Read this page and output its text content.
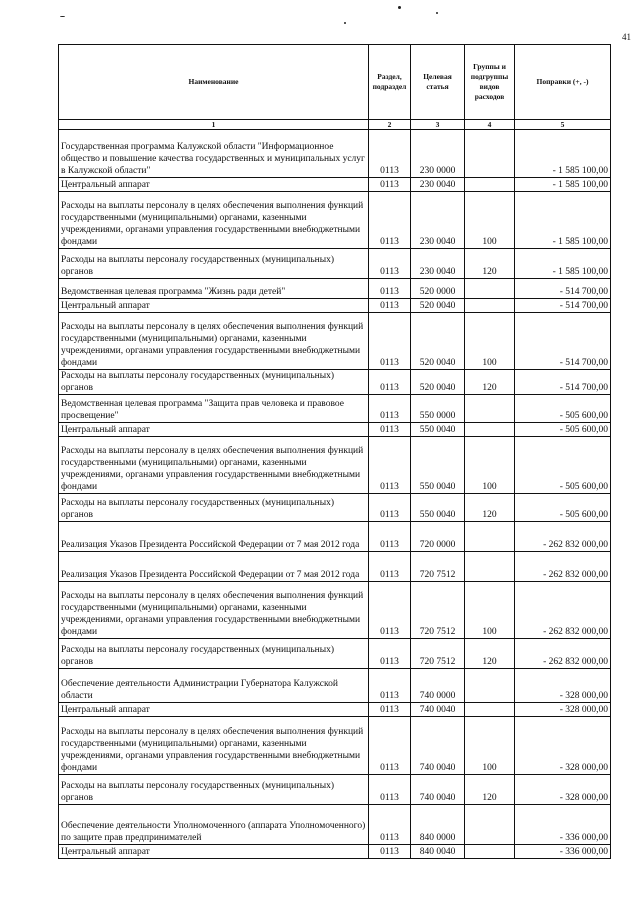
41
Наименование	Раздел, подраздел	Целевая статья	Группы и подгруппы видов расходов	Поправки (+, -)
1	2	3	4	5
Государственная программа Калужской области "Информационное общество и повышение качества государственных и муниципальных услуг в Калужской области"	0113	230 0000		- 1 585 100,00
Центральный аппарат	0113	230 0040		- 1 585 100,00
Расходы на выплаты персоналу в целях обеспечения выполнения функций государственными (муниципальными) органами, казенными учреждениями, органами управления государственными внебюджетными фондами	0113	230 0040	100	- 1 585 100,00
Расходы на выплаты персоналу государственных (муниципальных) органов	0113	230 0040	120	- 1 585 100,00
Ведомственная целевая программа "Жизнь ради детей"	0113	520 0000		- 514 700,00
Центральный аппарат	0113	520 0040		- 514 700,00
Расходы на выплаты персоналу в целях обеспечения выполнения функций государственными (муниципальными) органами, казенными учреждениями, органами управления государственными внебюджетными фондами	0113	520 0040	100	- 514 700,00
Расходы на выплаты персоналу государственных (муниципальных) органов	0113	520 0040	120	- 514 700,00
Ведомственная целевая программа "Защита прав человека и правовое просвещение"	0113	550 0000		- 505 600,00
Центральный аппарат	0113	550 0040		- 505 600,00
Расходы на выплаты персоналу в целях обеспечения выполнения функций государственными (муниципальными) органами, казенными учреждениями, органами управления государственными внебюджетными фондами	0113	550 0040	100	- 505 600,00
Расходы на выплаты персоналу государственных (муниципальных) органов	0113	550 0040	120	- 505 600,00
Реализация Указов Президента Российской Федерации от 7 мая 2012 года	0113	720 0000		- 262 832 000,00
Реализация Указов Президента Российской Федерации от 7 мая 2012 года	0113	720 7512		- 262 832 000,00
Расходы на выплаты персоналу в целях обеспечения выполнения функций государственными (муниципальными) органами, казенными учреждениями, органами управления государственными внебюджетными фондами	0113	720 7512	100	- 262 832 000,00
Расходы на выплаты персоналу государственных (муниципальных) органов	0113	720 7512	120	- 262 832 000,00
Обеспечение деятельности Администрации Губернатора Калужской области	0113	740 0000		- 328 000,00
Центральный аппарат	0113	740 0040		- 328 000,00
Расходы на выплаты персоналу в целях обеспечения выполнения функций государственными (муниципальными) органами, казенными учреждениями, органами управления государственными внебюджетными фондами	0113	740 0040	100	- 328 000,00
Расходы на выплаты персоналу государственных (муниципальных) органов	0113	740 0040	120	- 328 000,00
Обеспечение деятельности Уполномоченного (аппарата Уполномоченного) по защите прав предпринимателей	0113	840 0000		- 336 000,00
Центральный аппарат	0113	840 0040		- 336 000,00
